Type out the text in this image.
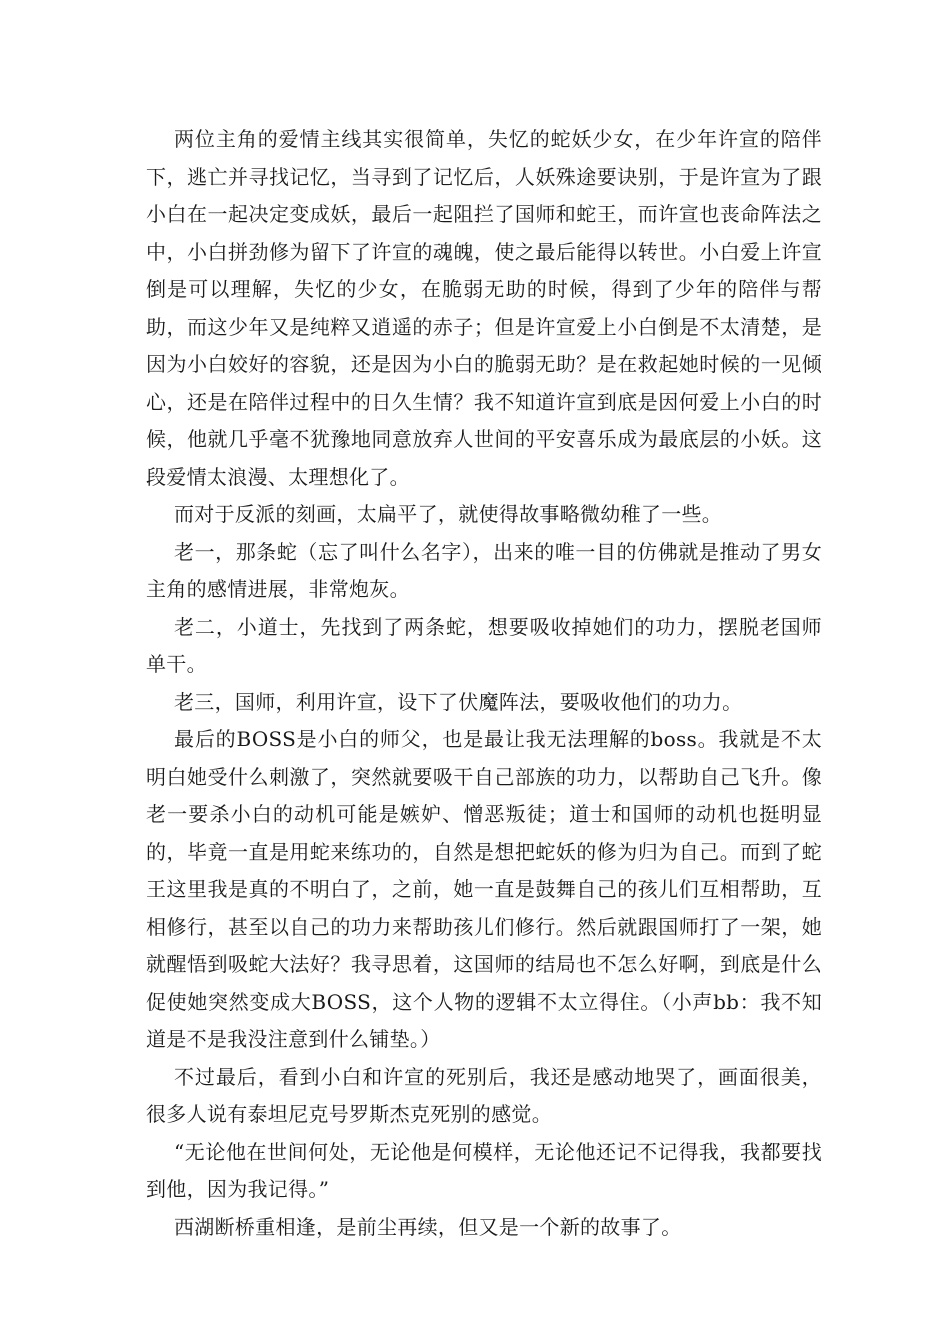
两位主角的爱情主线其实很简单，失忆的蛇妖少女，在少年许宣的陪伴下，逃亡并寻找记忆，当寻到了记忆后，人妖殊途要诀别，于是许宣为了跟小白在一起决定变成妖，最后一起阻拦了国师和蛇王，而许宣也丧命阵法之中，小白拼劲修为留下了许宣的魂魄，使之最后能得以转世。小白爱上许宣倒是可以理解，失忆的少女，在脆弱无助的时候，得到了少年的陪伴与帮助，而这少年又是纯粹又逍遥的赤子；但是许宣爱上小白倒是不太清楚，是因为小白姣好的容貌，还是因为小白的脆弱无助？是在救起她时候的一见倾心，还是在陪伴过程中的日久生情？我不知道许宣到底是因何爱上小白的时候，他就几乎毫不犹豫地同意放弃人世间的平安喜乐成为最底层的小妖。这段爱情太浪漫、太理想化了。

而对于反派的刻画，太扁平了，就使得故事略微幼稚了一些。

老一，那条蛇（忘了叫什么名字），出来的唯一目的仿佛就是推动了男女主角的感情进展，非常炮灰。

老二，小道士，先找到了两条蛇，想要吸收掉她们的功力，摆脱老国师单干。

老三，国师，利用许宣，设下了伏魔阵法，要吸收他们的功力。

最后的BOSS是小白的师父，也是最让我无法理解的boss。我就是不太明白她受什么刺激了，突然就要吸干自己部族的功力，以帮助自己飞升。像老一要杀小白的动机可能是嫉妒、憎恶叛徒；道士和国师的动机也挺明显的，毕竟一直是用蛇来练功的，自然是想把蛇妖的修为归为自己。而到了蛇王这里我是真的不明白了，之前，她一直是鼓舞自己的孩儿们互相帮助，互相修行，甚至以自己的功力来帮助孩儿们修行。然后就跟国师打了一架，她就醒悟到吸蛇大法好？我寻思着，这国师的结局也不怎么好啊，到底是什么促使她突然变成大BOSS，这个人物的逻辑不太立得住。（小声bb：我不知道是不是我没注意到什么铺垫。）

不过最后，看到小白和许宣的死别后，我还是感动地哭了，画面很美，很多人说有泰坦尼克号罗斯杰克死别的感觉。

“无论他在世间何处，无论他是何模样，无论他还记不记得我，我都要找到他，因为我记得。”

西湖断桥重相逢，是前尘再续，但又是一个新的故事了。
